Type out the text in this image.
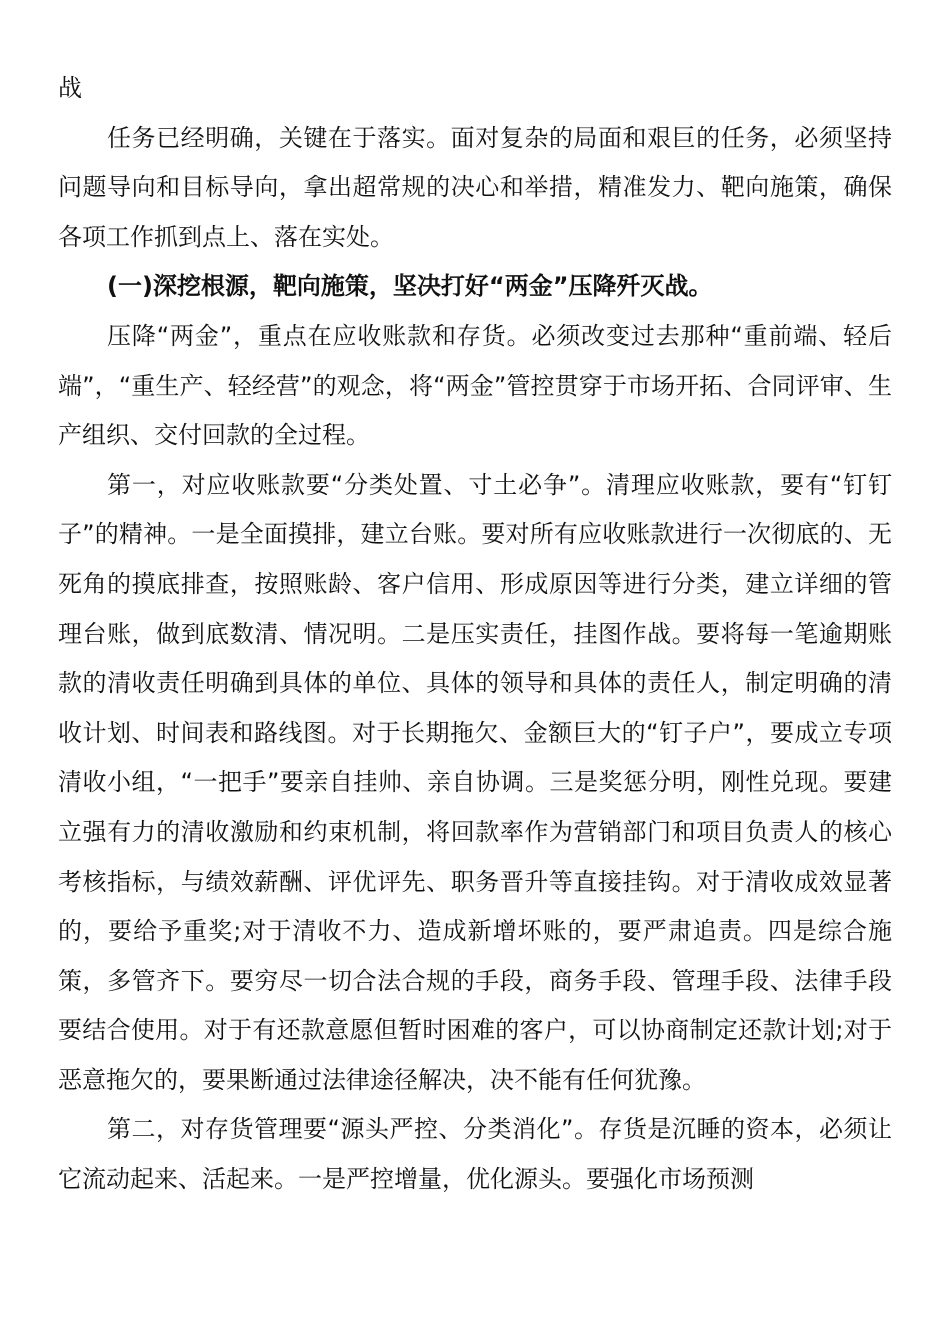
战

任务已经明确，关键在于落实。面对复杂的局面和艰巨的任务，必须坚持问题导向和目标导向，拿出超常规的决心和举措，精准发力、靶向施策，确保各项工作抓到点上、落在实处。

(一)深挖根源，靶向施策，坚决打好“两金”压降歼灭战。

压降“两金”，重点在应收账款和存货。必须改变过去那种“重前端、轻后端”，“重生产、轻经营”的观念，将“两金”管控贯穿于市场开拓、合同评审、生产组织、交付回款的全过程。

第一，对应收账款要“分类处置、寸土必争”。清理应收账款，要有“钉钉子”的精神。一是全面摸排，建立台账。要对所有应收账款进行一次彻底的、无死角的摸底排查，按照账龄、客户信用、形成原因等进行分类，建立详细的管理台账，做到底数清、情况明。二是压实责任，挂图作战。要将每一笔逾期账款的清收责任明确到具体的单位、具体的领导和具体的责任人，制定明确的清收计划、时间表和路线图。对于长期拖欠、金额巨大的“钉子户”，要成立专项清收小组，“一把手”要亲自挂帅、亲自协调。三是奖惩分明，刚性兑现。要建立强有力的清收激励和约束机制，将回款率作为营销部门和项目负责人的核心考核指标，与绩效薪酬、评优评先、职务晋升等直接挂钩。对于清收成效显著的，要给予重奖;对于清收不力、造成新增坏账的，要严肃追责。四是综合施策，多管齐下。要穷尽一切合法合规的手段，商务手段、管理手段、法律手段要结合使用。对于有还款意愿但暂时困难的客户，可以协商制定还款计划;对于恶意拖欠的，要果断通过法律途径解决，决不能有任何犹豫。

第二，对存货管理要“源头严控、分类消化”。存货是沉睡的资本，必须让它流动起来、活起来。一是严控增量，优化源头。要强化市场预测
